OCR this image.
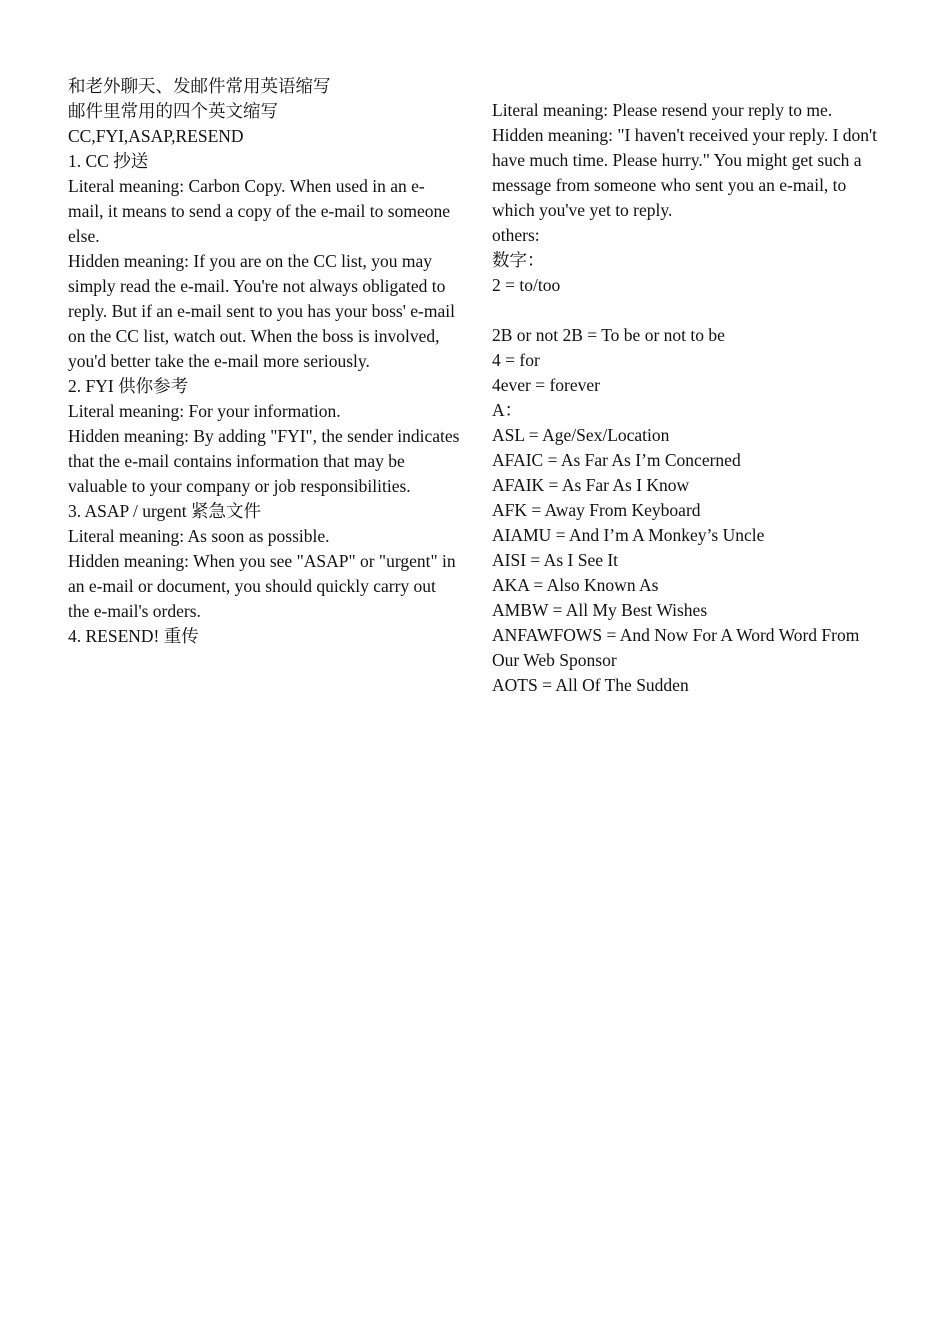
和老外聊天、发邮件常用英语缩写

邮件里常用的四个英文缩写

CC,FYI,ASAP,RESEND

1. CC 抄送

Literal meaning: Carbon Copy. When used in an e-mail, it means to send a copy of the e-mail to someone else.

Hidden meaning: If you are on the CC list, you may simply read the e-mail. You're not always obligated to reply. But if an e-mail sent to you has your boss' e-mail on the CC list, watch out. When the boss is involved, you'd better take the e-mail more seriously.

2. FYI 供你参考

Literal meaning: For your information.

Hidden meaning: By adding "FYI", the sender indicates that the e-mail contains information that may be valuable to your company or job responsibilities.

3. ASAP / urgent 紧急文件

Literal meaning: As soon as possible.

Hidden meaning: When you see "ASAP" or "urgent" in an e-mail or document, you should quickly carry out the e-mail's orders.

4. RESEND! 重传

Literal meaning: Please resend your reply to me.

Hidden meaning: "I haven't received your reply. I don't have much time. Please hurry." You might get such a message from someone who sent you an e-mail, to which you've yet to reply.

others:

数字：

2 = to/too

2B or not 2B = To be or not to be

4 = for

4ever = forever

A：

ASL = Age/Sex/Location

AFAIC = As Far As I’m Concerned

AFAIK = As Far As I Know

AFK = Away From Keyboard

AIAMU = And I’m A Monkey’s Uncle

AISI = As I See It

AKA = Also Known As

AMBW = All My Best Wishes

ANFAWFOWS = And Now For A Word Word From Our Web Sponsor

AOTS = All Of The Sudden
